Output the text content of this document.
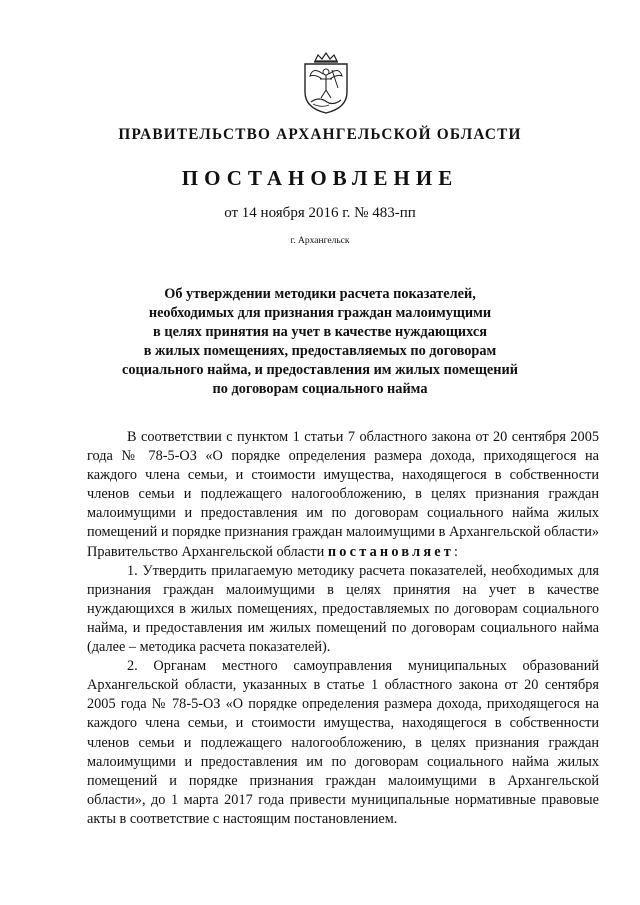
ПРАВИТЕЛЬСТВО АРХАНГЕЛЬСКОЙ ОБЛАСТИ
ПОСТАНОВЛЕНИЕ
от 14 ноября 2016 г. № 483-пп
г. Архангельск
Об утверждении методики расчета показателей,
необходимых для признания граждан малоимущими
в целях принятия на учет в качестве нуждающихся
в жилых помещениях, предоставляемых по договорам
социального найма, и предоставления им жилых помещений
по договорам социального найма

В соответствии с пунктом 1 статьи 7 областного закона от 20 сентября 2005 года № 78-5-ОЗ «О порядке определения размера дохода, приходящегося на каждого члена семьи, и стоимости имущества, находящегося в собственности членов семьи и подлежащего налогообложению, в целях признания граждан малоимущими и предоставления им по договорам социального найма жилых помещений и порядке признания граждан малоимущими в Архангельской области» Правительство Архангельской области постановляет:

1. Утвердить прилагаемую методику расчета показателей, необходимых для признания граждан малоимущими в целях принятия на учет в качестве нуждающихся в жилых помещениях, предоставляемых по договорам социального найма, и предоставления им жилых помещений по договорам социального найма (далее – методика расчета показателей).

2. Органам местного самоуправления муниципальных образований Архангельской области, указанных в статье 1 областного закона от 20 сентября 2005 года № 78-5-ОЗ «О порядке определения размера дохода, приходящегося на каждого члена семьи, и стоимости имущества, находящегося в собственности членов семьи и подлежащего налогообложению, в целях признания граждан малоимущими и предоставления им по договорам социального найма жилых помещений и порядке признания граждан малоимущими в Архангельской области», до 1 марта 2017 года привести муниципальные нормативные правовые акты в соответствие с настоящим постановлением.
